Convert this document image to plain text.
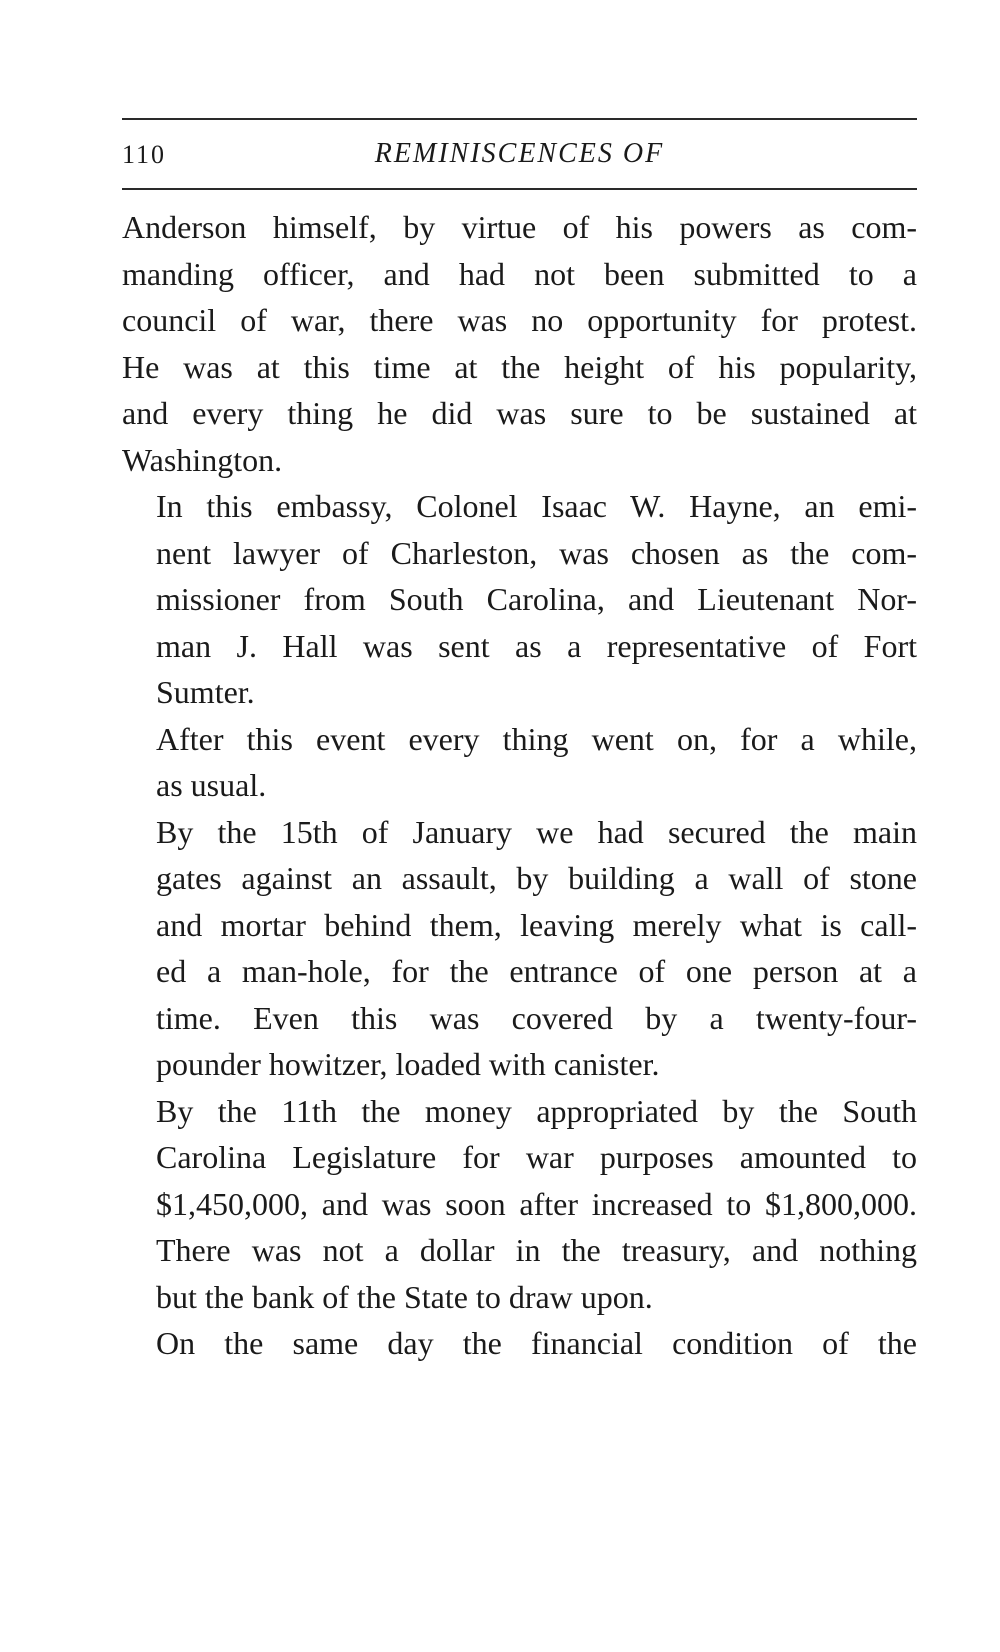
110	REMINISCENCES OF

Anderson himself, by virtue of his powers as com-
manding officer, and had not been submitted to a
council of war, there was no opportunity for protest.
He was at this time at the height of his popularity,
and every thing he did was sure to be sustained at
Washington.

In this embassy, Colonel Isaac W. Hayne, an emi-
nent lawyer of Charleston, was chosen as the com-
missioner from South Carolina, and Lieutenant Nor-
man J. Hall was sent as a representative of Fort
Sumter.

After this event every thing went on, for a while,
as usual.

By the 15th of January we had secured the main
gates against an assault, by building a wall of stone
and mortar behind them, leaving merely what is call-
ed a man-hole, for the entrance of one person at a
time. Even this was covered by a twenty-four-
pounder howitzer, loaded with canister.

By the 11th the money appropriated by the South
Carolina Legislature for war purposes amounted to
$1,450,000, and was soon after increased to $1,800,000.
There was not a dollar in the treasury, and nothing
but the bank of the State to draw upon.

On the same day the financial condition of the
